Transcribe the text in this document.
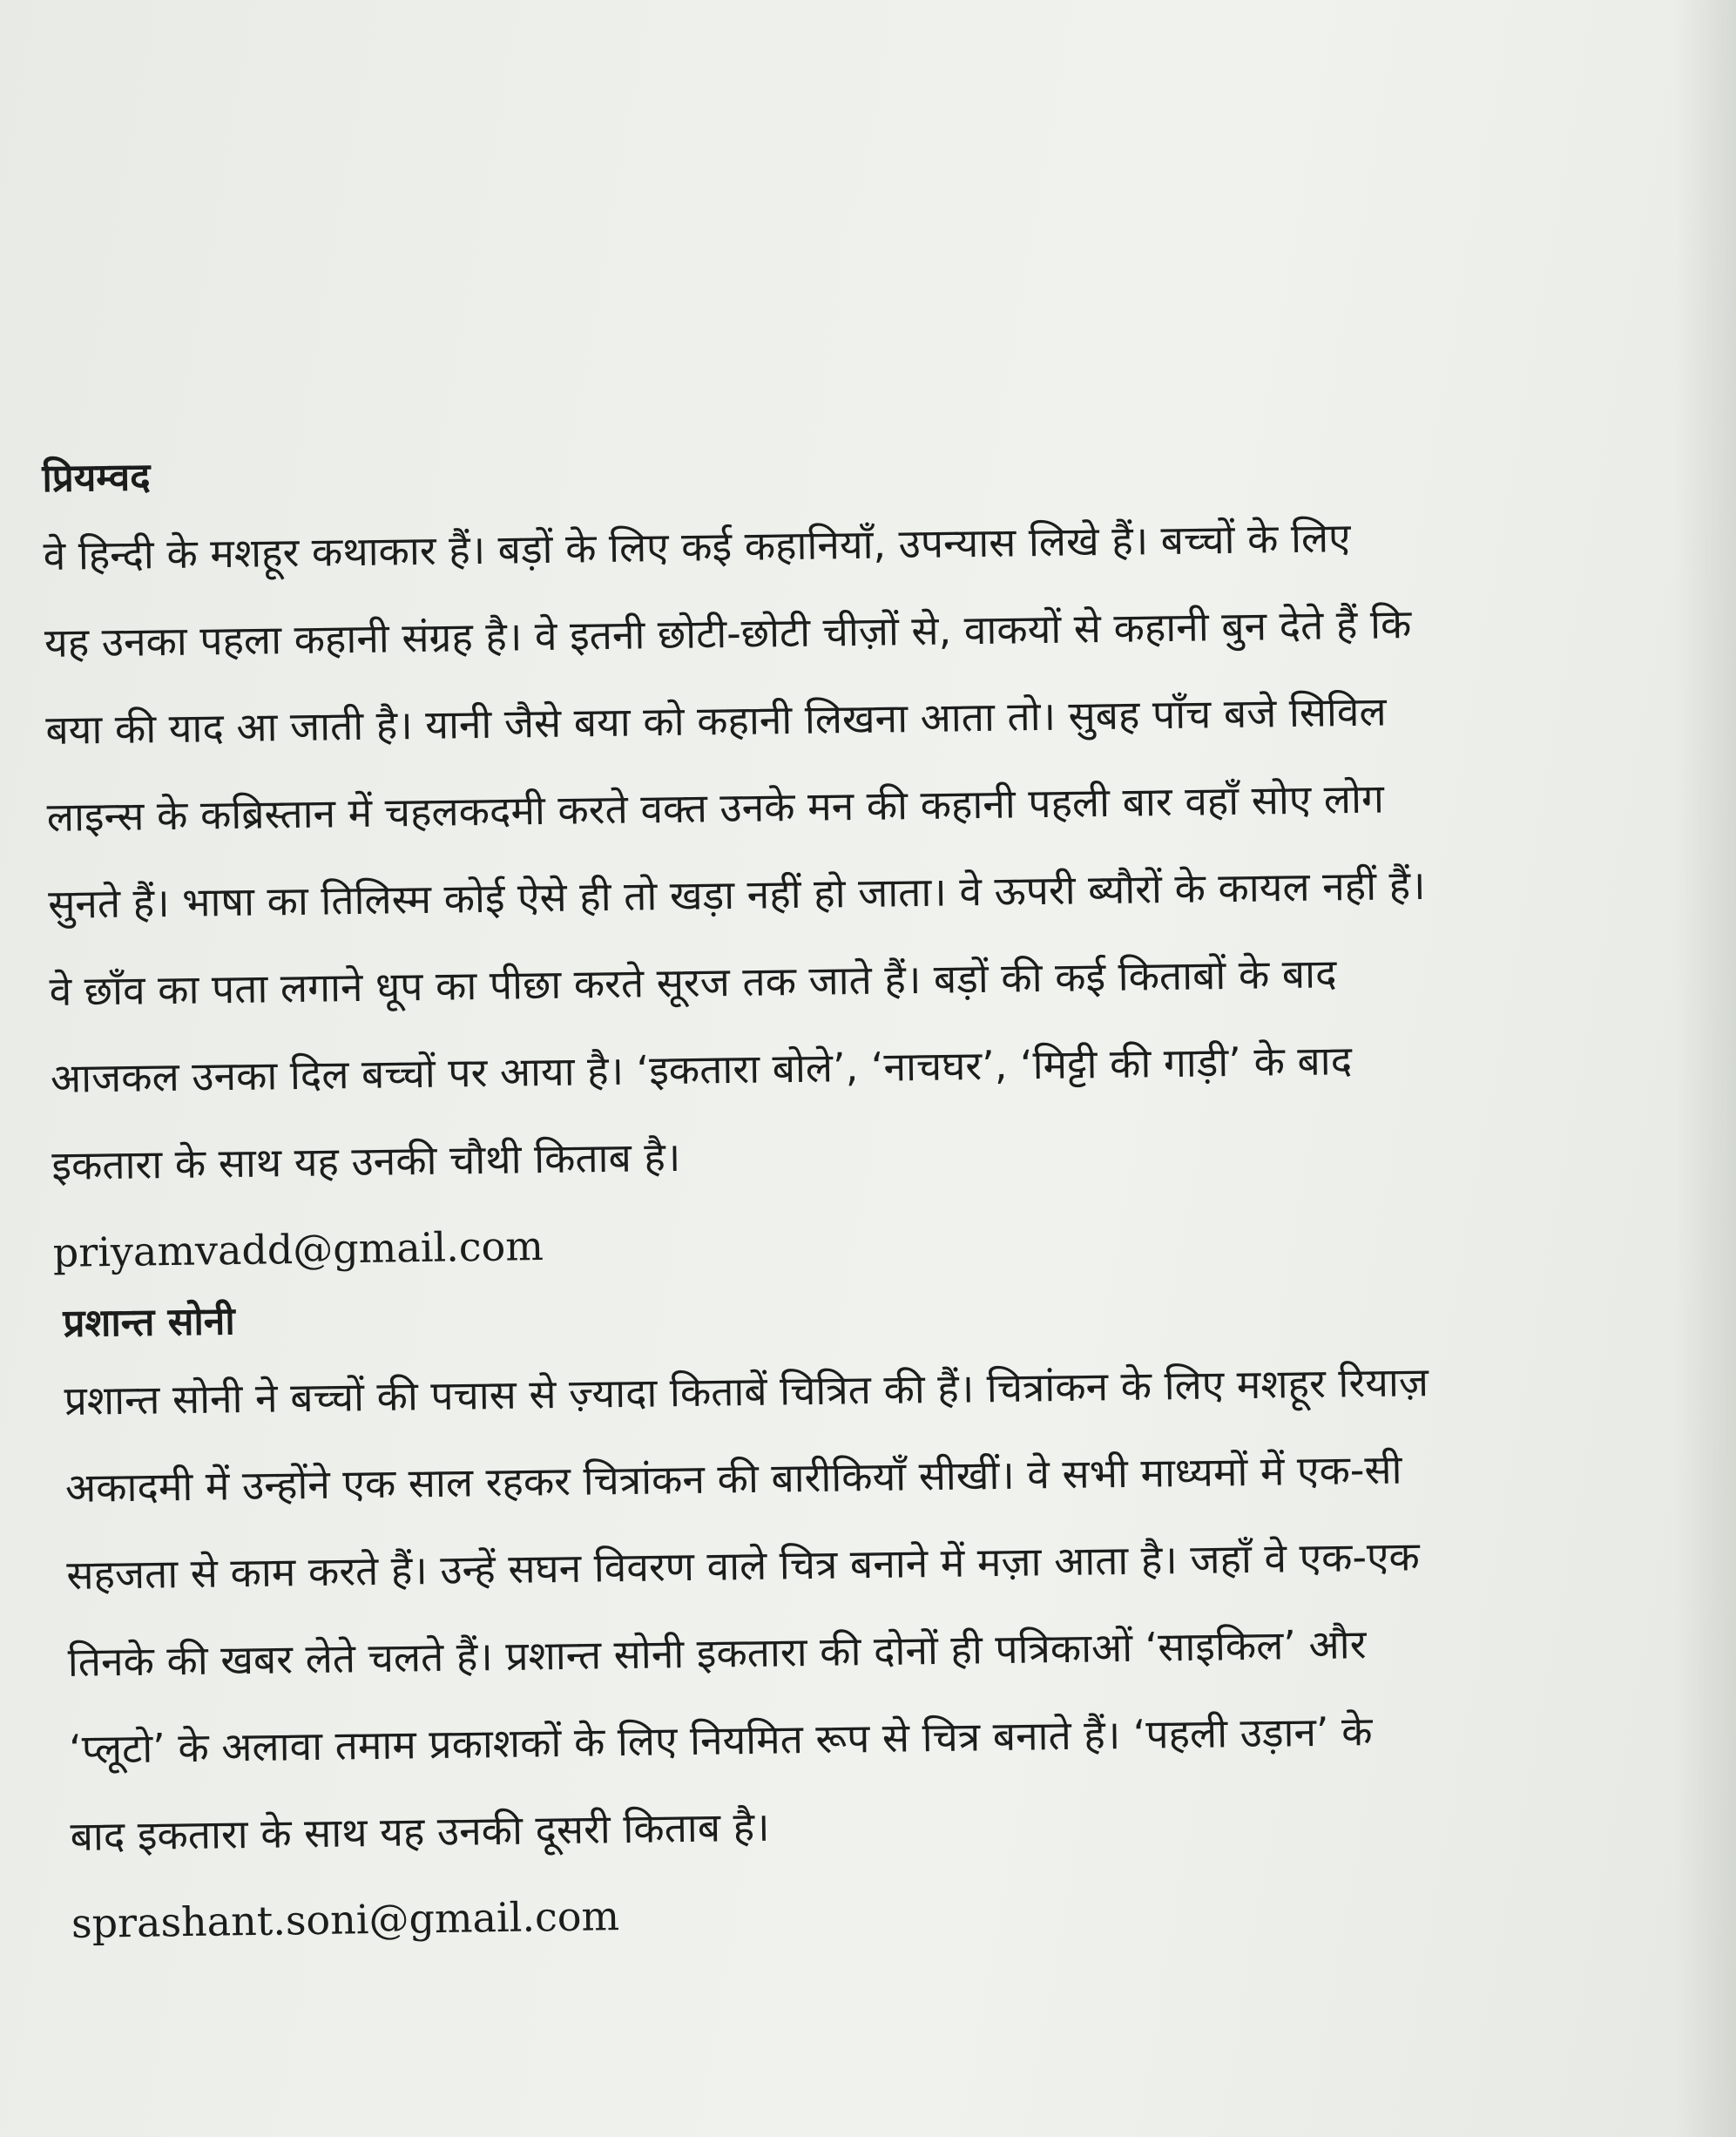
प्रियम्वद

वे हिन्दी के मशहूर कथाकार हैं। बड़ों के लिए कई कहानियाँ, उपन्यास लिखे हैं। बच्चों के लिए

यह उनका पहला कहानी संग्रह है। वे इतनी छोटी-छोटी चीज़ों से, वाकयों से कहानी बुन देते हैं कि

बया की याद आ जाती है। यानी जैसे बया को कहानी लिखना आता तो। सुबह पाँच बजे सिविल

लाइन्स के कब्रिस्तान में चहलकदमी करते वक्त उनके मन की कहानी पहली बार वहाँ सोए लोग

सुनते हैं। भाषा का तिलिस्म कोई ऐसे ही तो खड़ा नहीं हो जाता। वे ऊपरी ब्यौरों के कायल नहीं हैं।

वे छाँव का पता लगाने धूप का पीछा करते सूरज तक जाते हैं। बड़ों की कई किताबों के बाद

आजकल उनका दिल बच्चों पर आया है। ‘इकतारा बोले’, ‘नाचघर’, ‘मिट्टी की गाड़ी’ के बाद

इकतारा के साथ यह उनकी चौथी किताब है।

priyamvadd@gmail.com

प्रशान्त सोनी

प्रशान्त सोनी ने बच्चों की पचास से ज़्यादा किताबें चित्रित की हैं। चित्रांकन के लिए मशहूर रियाज़

अकादमी में उन्होंने एक साल रहकर चित्रांकन की बारीकियाँ सीखीं। वे सभी माध्यमों में एक-सी

सहजता से काम करते हैं। उन्हें सघन विवरण वाले चित्र बनाने में मज़ा आता है। जहाँ वे एक-एक

तिनके की खबर लेते चलते हैं। प्रशान्त सोनी इकतारा की दोनों ही पत्रिकाओं ‘साइकिल’ और

‘प्लूटो’ के अलावा तमाम प्रकाशकों के लिए नियमित रूप से चित्र बनाते हैं। ‘पहली उड़ान’ के

बाद इकतारा के साथ यह उनकी दूसरी किताब है।

sprashant.soni@gmail.com
